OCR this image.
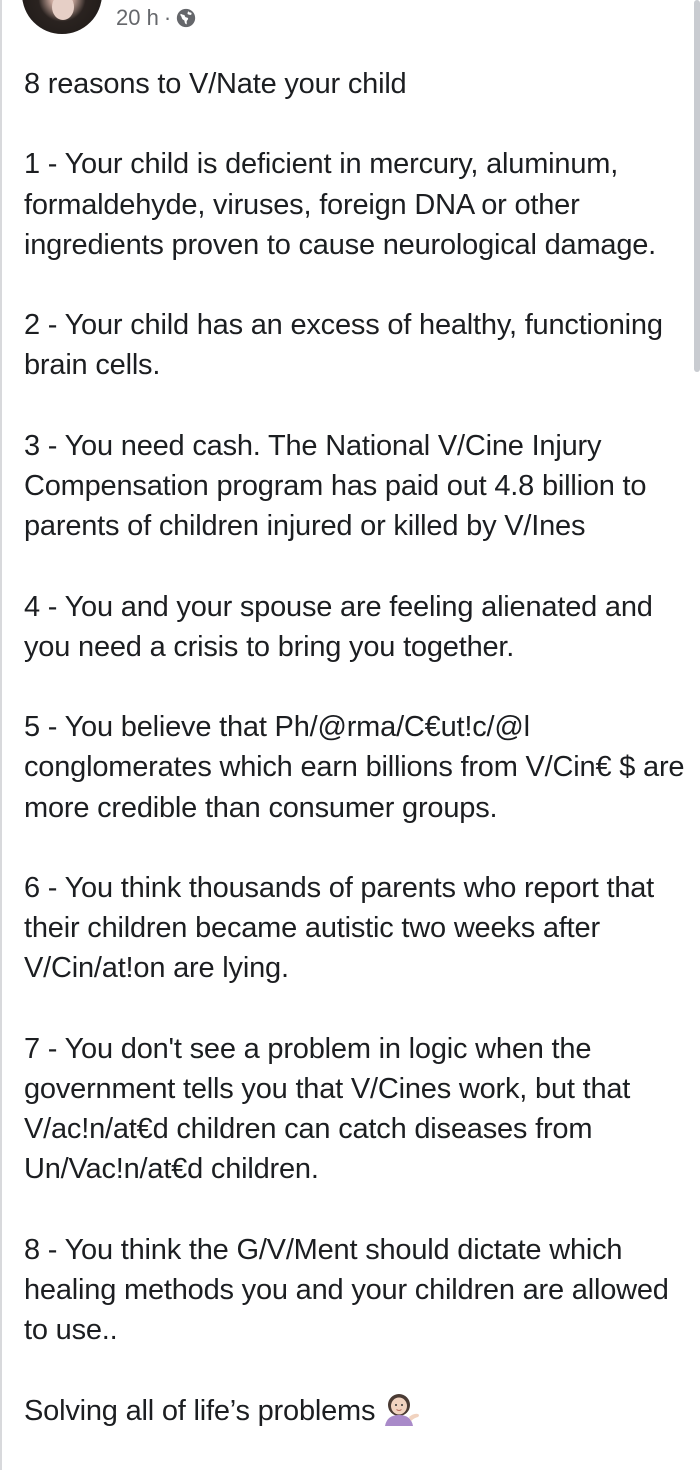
20 h ·

8 reasons to V/Nate your child

1 - Your child is deficient in mercury, aluminum, formaldehyde, viruses, foreign DNA or other ingredients proven to cause neurological damage.

2 - Your child has an excess of healthy, functioning brain cells.

3 - You need cash. The National V/Cine Injury Compensation program has paid out 4.8 billion to parents of children injured or killed by V/Ines

4 - You and your spouse are feeling alienated and you need a crisis to bring you together.

5 - You believe that Ph/@rma/C€ut!c/@l conglomerates which earn billions from V/Cin€ $ are more credible than consumer groups.

6 - You think thousands of parents who report that their children became autistic two weeks after V/Cin/at!on are lying.

7 - You don't see a problem in logic when the government tells you that V/Cines work, but that V/ac!n/at€d children can catch diseases from Un/Vac!n/at€d children.

8 - You think the G/V/Ment should dictate which healing methods you and your children are allowed to use..

Solving all of life’s problems
